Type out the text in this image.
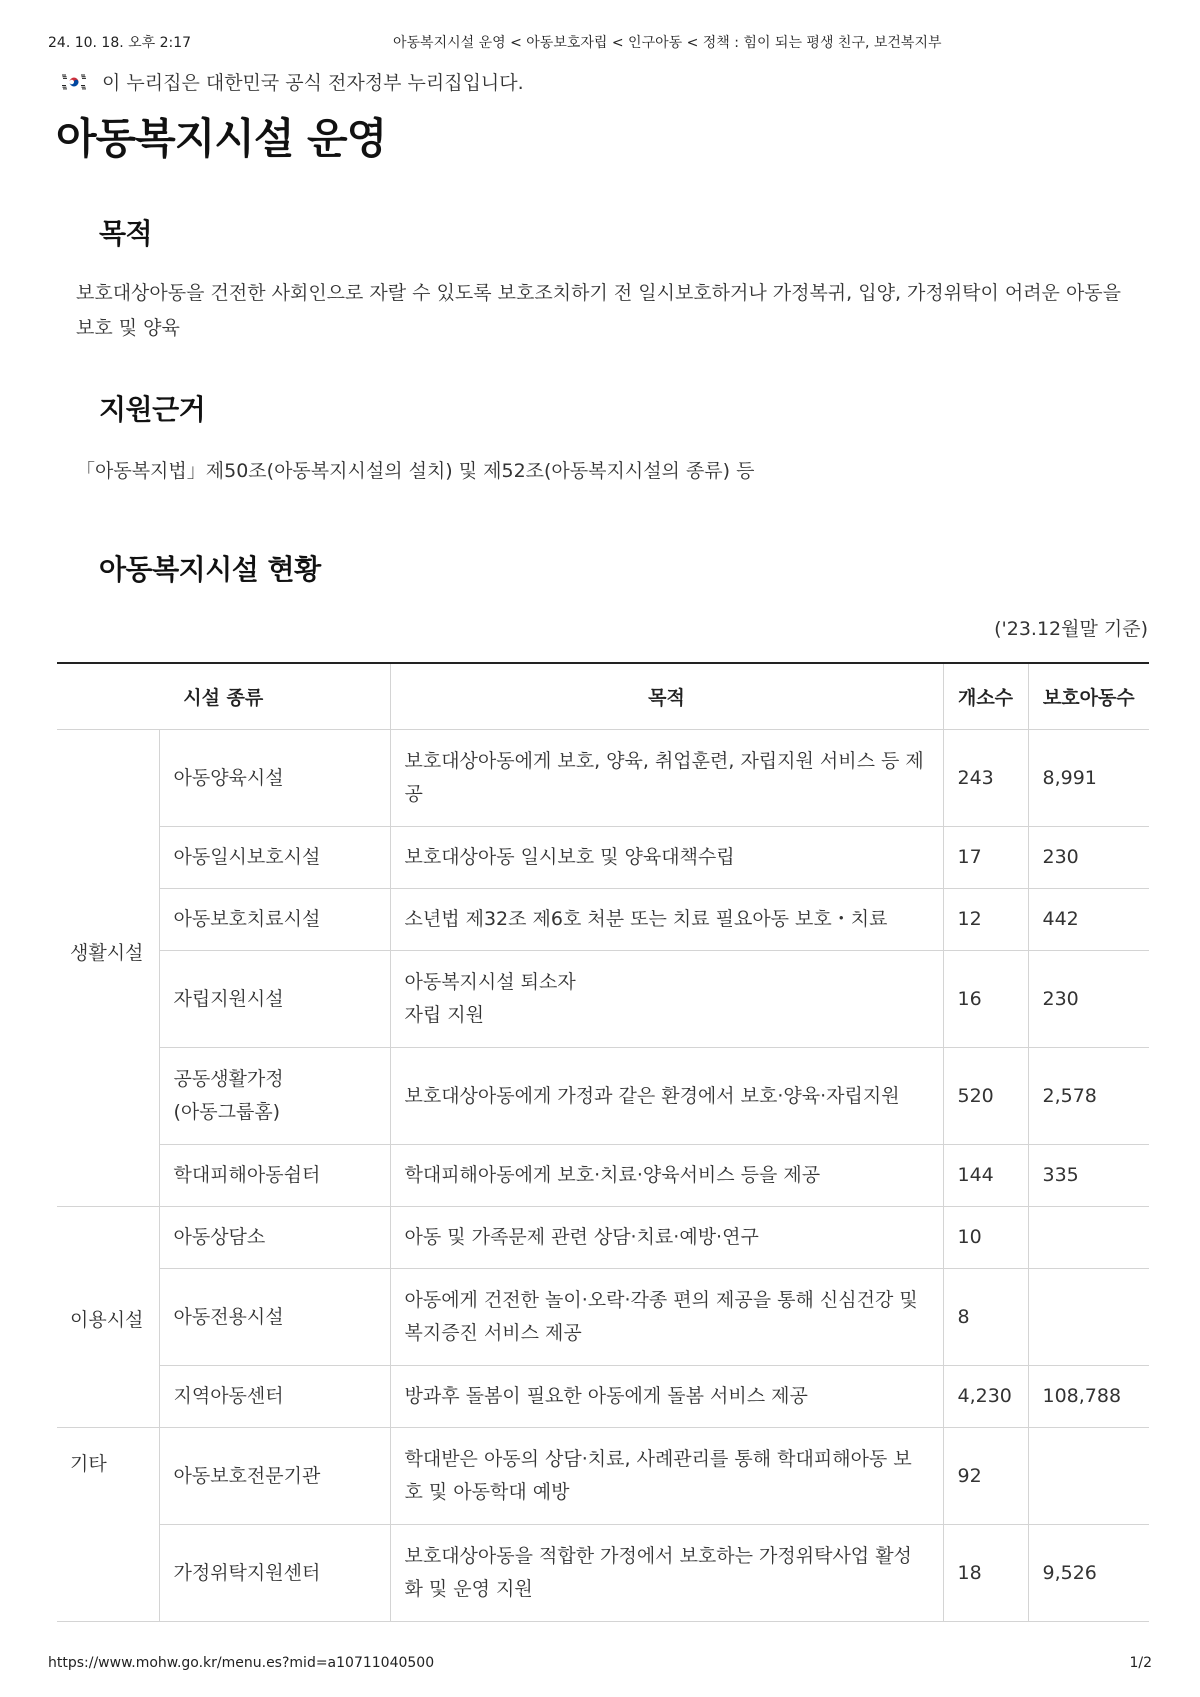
24. 10. 18. 오후 2:17	아동복지시설 운영 < 아동보호자립 < 인구아동 < 정책 : 힘이 되는 평생 친구, 보건복지부
이 누리집은 대한민국 공식 전자정부 누리집입니다.
아동복지시설 운영
목적

보호대상아동을 건전한 사회인으로 자랄 수 있도록 보호조치하기 전 일시보호하거나 가정복귀, 입양, 가정위탁이 어려운 아동을 보호 및 양육

지원근거

「아동복지법」제50조(아동복지시설의 설치) 및 제52조(아동복지시설의 종류) 등

아동복지시설 현황
('23.12월말 기준)
시설 종류		목적	개소수	보호아동수

생활시설	아동양육시설	보호대상아동에게 보호, 양육, 취업훈련, 자립지원 서비스 등 제공	243	8,991
	아동일시보호시설	보호대상아동 일시보호 및 양육대책수립	17	230
	아동보호치료시설	소년법 제32조 제6호 처분 또는 치료 필요아동 보호・치료	12	442
	자립지원시설	아동복지시설 퇴소자
자립 지원	16	230
	공동생활가정
(아동그룹홈)	보호대상아동에게 가정과 같은 환경에서 보호·양육·자립지원	520	2,578
	학대피해아동쉼터	학대피해아동에게 보호·치료·양육서비스 등을 제공	144	335

이용시설	아동상담소	아동 및 가족문제 관련 상담·치료·예방·연구	10	
	아동전용시설	아동에게 건전한 놀이·오락·각종 편의 제공을 통해 신심건강 및 복지증진 서비스 제공	8	
	지역아동센터	방과후 돌봄이 필요한 아동에게 돌봄 서비스 제공	4,230	108,788

기타	아동보호전문기관	학대받은 아동의 상담·치료, 사례관리를 통해 학대피해아동 보호 및 아동학대 예방	92	
	가정위탁지원센터	보호대상아동을 적합한 가정에서 보호하는 가정위탁사업 활성화 및 운영 지원	18	9,526
https://www.mohw.go.kr/menu.es?mid=a10711040500	1/2
